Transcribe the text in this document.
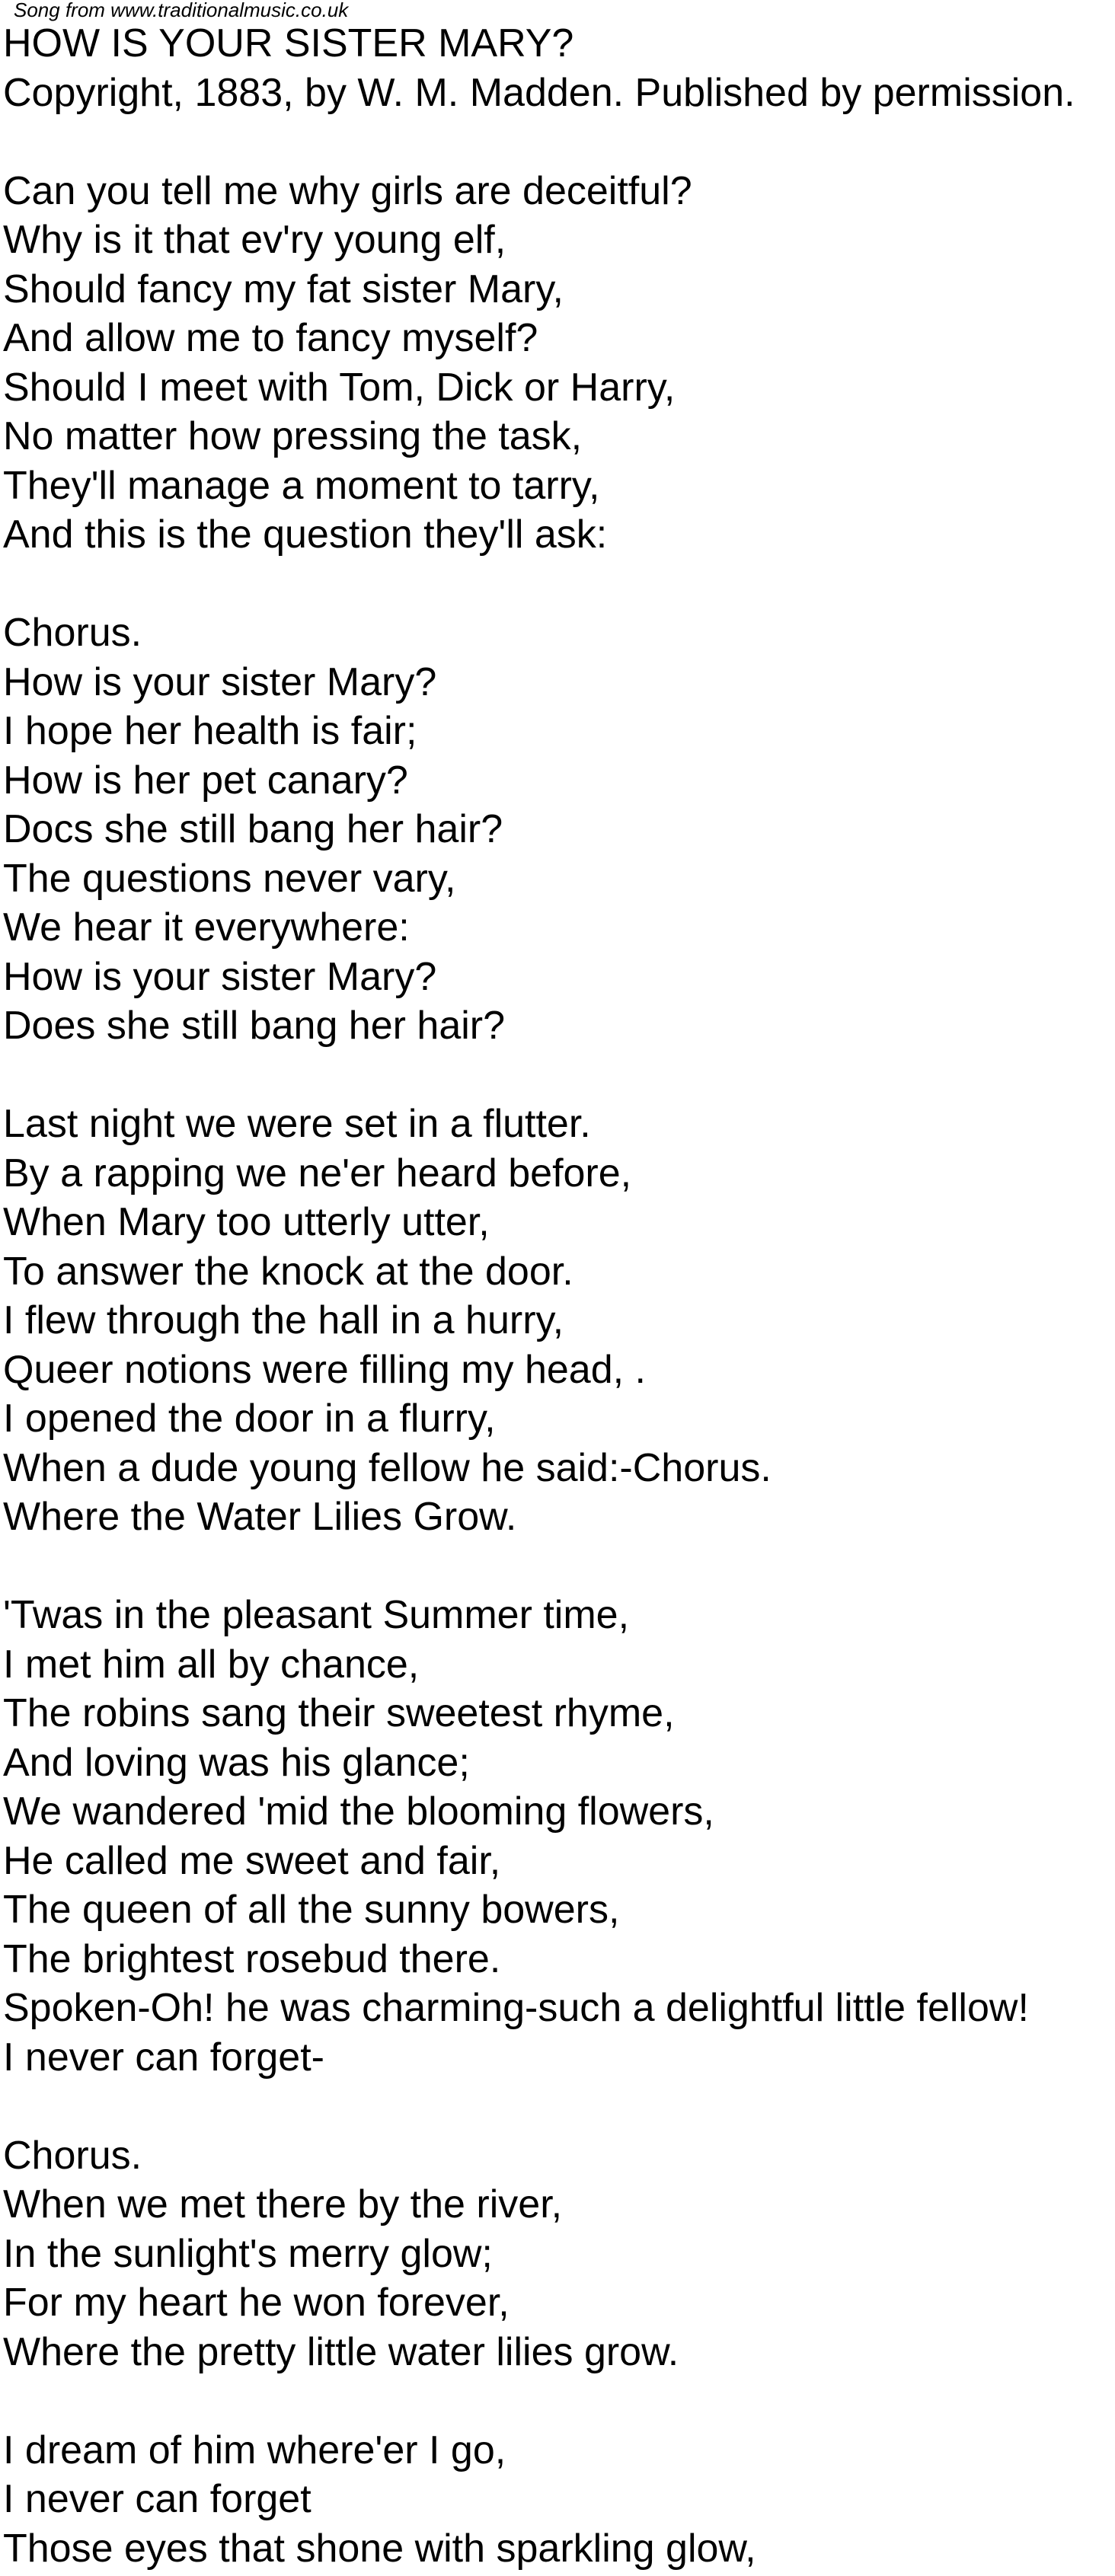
Song from www.traditionalmusic.co.uk
HOW IS YOUR SISTER MARY?
Copyright, 1883, by W. M. Madden. Published by permission.
Can you tell me why girls are deceitful?
Why is it that ev'ry young elf,
Should fancy my fat sister Mary,
And allow me to fancy myself?
Should I meet with Tom, Dick or Harry,
No matter how pressing the task,
They'll manage a moment to tarry,
And this is the question they'll ask:
Chorus.
How is your sister Mary?
I hope her health is fair;
How is her pet canary?
Docs she still bang her hair?
The questions never vary,
We hear it everywhere:
How is your sister Mary?
Does she still bang her hair?
Last night we were set in a flutter.
By a rapping we ne'er heard before,
When Mary too utterly utter,
To answer the knock at the door.
I flew through the hall in a hurry,
Queer notions were filling my head, .
I opened the door in a flurry,
When a dude young fellow he said:-Chorus.
Where the Water Lilies Grow.
'Twas in the pleasant Summer time,
I met him all by chance,
The robins sang their sweetest rhyme,
And loving was his glance;
We wandered 'mid the blooming flowers,
He called me sweet and fair,
The queen of all the sunny bowers,
The brightest rosebud there.
Spoken-Oh! he was charming-such a delightful little fellow!
I never can forget-
Chorus.
When we met there by the river,
In the sunlight's merry glow;
For my heart he won forever,
Where the pretty little water lilies grow.
I dream of him where'er I go,
I never can forget
Those eyes that shone with sparkling glow,
